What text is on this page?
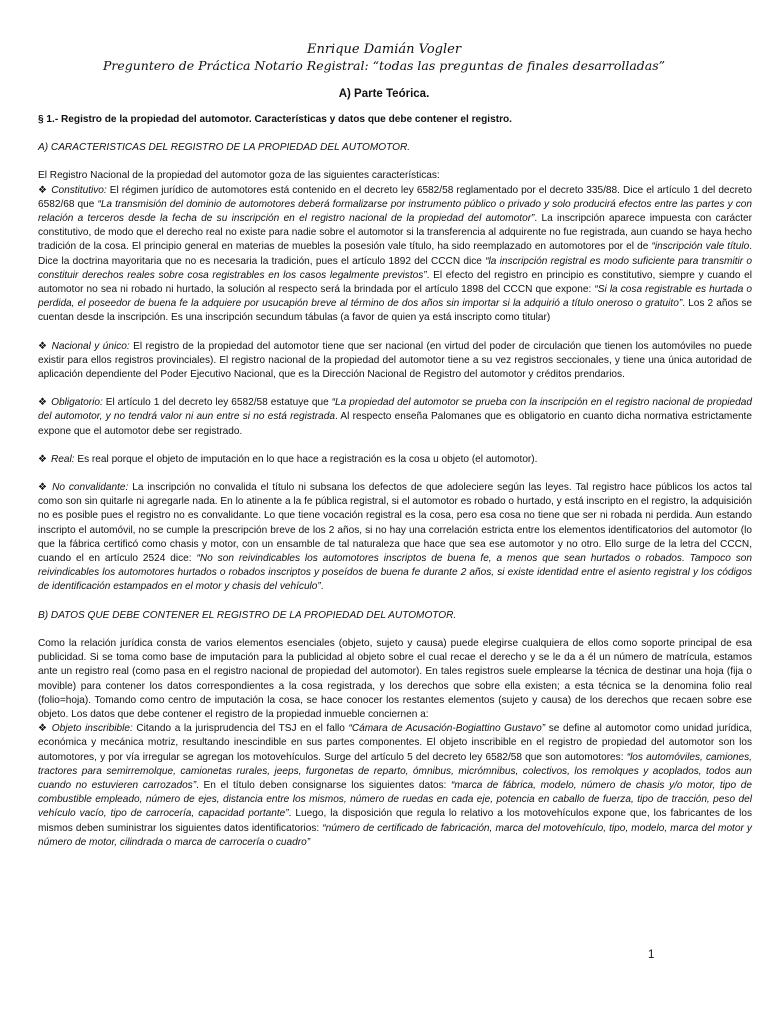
Enrique Damián Vogler
Preguntero de Práctica Notario Registral: “todas las preguntas de finales desarrolladas”
A) Parte Teórica.

§ 1.- Registro de la propiedad del automotor. Características y datos que debe contener el registro.

A) CARACTERISTICAS DEL REGISTRO DE LA PROPIEDAD DEL AUTOMOTOR.

El Registro Nacional de la propiedad del automotor goza de las siguientes características:

❖ Constitutivo: El régimen jurídico de automotores está contenido en el decreto ley 6582/58 reglamentado por el decreto 335/88. Dice el artículo 1 del decreto 6582/68 que “La transmisión del dominio de automotores deberá formalizarse por instrumento público o privado y solo producirá efectos entre las partes y con relación a terceros desde la fecha de su inscripción en el registro nacional de la propiedad del automotor”. La inscripción aparece impuesta con carácter constitutivo, de modo que el derecho real no existe para nadie sobre el automotor si la transferencia al adquirente no fue registrada, aun cuando se haya hecho tradición de la cosa. El principio general en materias de muebles la posesión vale título, ha sido reemplazado en automotores por el de “inscripción vale título. Dice la doctrina mayoritaria que no es necesaria la tradición, pues el artículo 1892 del CCCN dice “la inscripción registral es modo suficiente para transmitir o constituir derechos reales sobre cosa registrables en los casos legalmente previstos”. El efecto del registro en principio es constitutivo, siempre y cuando el automotor no sea ni robado ni hurtado, la solución al respecto será la brindada por el artículo 1898 del CCCN que expone: “Si la cosa registrable es hurtada o perdida, el poseedor de buena fe la adquiere por usucapión breve al término de dos años sin importar si la adquirió a título oneroso o gratuito”. Los 2 años se cuentan desde la inscripción. Es una inscripción secundum tábulas (a favor de quien ya está inscripto como titular)

❖ Nacional y único: El registro de la propiedad del automotor tiene que ser nacional (en virtud del poder de circulación que tienen los automóviles no puede existir para ellos registros provinciales). El registro nacional de la propiedad del automotor tiene a su vez registros seccionales, y tiene una única autoridad de aplicación dependiente del Poder Ejecutivo Nacional, que es la Dirección Nacional de Registro del automotor y créditos prendarios.

❖ Obligatorio: El artículo 1 del decreto ley 6582/58 estatuye que “La propiedad del automotor se prueba con la inscripción en el registro nacional de propiedad del automotor, y no tendrá valor ni aun entre si no está registrada. Al respecto enseña Palomanes que es obligatorio en cuanto dicha normativa estrictamente expone que el automotor debe ser registrado.

❖ Real: Es real porque el objeto de imputación en lo que hace a registración es la cosa u objeto (el automotor).

❖ No convalidante: La inscripción no convalida el título ni subsana los defectos de que adoleciere según las leyes. Tal registro hace públicos los actos tal como son sin quitarle ni agregarle nada. En lo atinente a la fe pública registral, si el automotor es robado o hurtado, y está inscripto en el registro, la adquisición no es posible pues el registro no es convalidante. Lo que tiene vocación registral es la cosa, pero esa cosa no tiene que ser ni robada ni perdida. Aun estando inscripto el automóvil, no se cumple la prescripción breve de los 2 años, si no hay una correlación estricta entre los elementos identificatorios del automotor (lo que la fábrica certificó como chasis y motor, con un ensamble de tal naturaleza que hace que sea ese automotor y no otro. Ello surge de la letra del CCCN, cuando el en artículo 2524 dice: “No son reivindicables los automotores inscriptos de buena fe, a menos que sean hurtados o robados. Tampoco son reivindicables los automotores hurtados o robados inscriptos y poseídos de buena fe durante 2 años, si existe identidad entre el asiento registral y los códigos de identificación estampados en el motor y chasis del vehículo”.

B) DATOS QUE DEBE CONTENER EL REGISTRO DE LA PROPIEDAD DEL AUTOMOTOR.

Como la relación jurídica consta de varios elementos esenciales (objeto, sujeto y causa) puede elegirse cualquiera de ellos como soporte principal de esa publicidad. Si se toma como base de imputación para la publicidad al objeto sobre el cual recae el derecho y se le da a él un número de matrícula, estamos ante un registro real (como pasa en el registro nacional de propiedad del automotor). En tales registros suele emplearse la técnica de destinar una hoja (fija o movible) para contener los datos correspondientes a la cosa registrada, y los derechos que sobre ella existen; a esta técnica se la denomina folio real (folio=hoja). Tomando como centro de imputación la cosa, se hace conocer los restantes elementos (sujeto y causa) de los derechos que recaen sobre ese objeto. Los datos que debe contener el registro de la propiedad inmueble conciernen a:

❖ Objeto inscribible: Citando a la jurisprudencia del TSJ en el fallo “Cámara de Acusación-Bogiattino Gustavo” se define al automotor como unidad jurídica, económica y mecánica motriz, resultando inescindible en sus partes componentes. El objeto inscribible en el registro de propiedad del automotor son los automotores, y por vía irregular se agregan los motovehículos. Surge del artículo 5 del decreto ley 6582/58 que son automotores: “los automóviles, camiones, tractores para semirremolque, camionetas rurales, jeeps, furgonetas de reparto, ómnibus, micrómnibus, colectivos, los remolques y acoplados, todos aun cuando no estuvieren carrozados”. En el título deben consignarse los siguientes datos: “marca de fábrica, modelo, número de chasis y/o motor, tipo de combustible empleado, número de ejes, distancia entre los mismos, número de ruedas en cada eje, potencia en caballo de fuerza, tipo de tracción, peso del vehículo vacío, tipo de carrocería, capacidad portante”. Luego, la disposición que regula lo relativo a los motovehículos expone que, los fabricantes de los mismos deben suministrar los siguientes datos identificatorios: “número de certificado de fabricación, marca del motovehículo, tipo, modelo, marca del motor y número de motor, cilindrada o marca de carrocería o cuadro”

1
